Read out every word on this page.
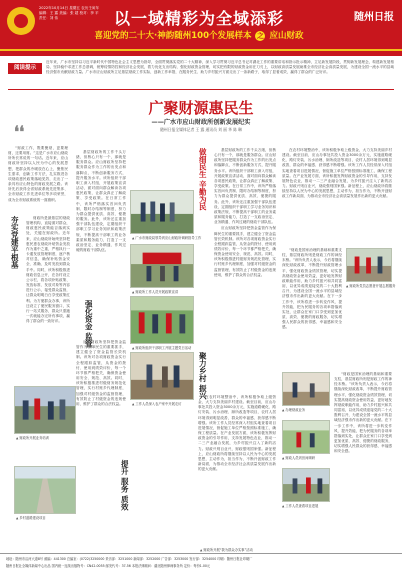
2022年10月14日 星期五 农历壬寅年 编辑：王 露 美编：张 超 校对：李 平 责任：刘 伟	以一域精彩为全域添彩
喜迎党的二十大·神韵随州100个发展样本 之 应山财政
随州日报
阅读提示
近年来，广水市坚持以习近平新时代中国特色社会主义思想为指导，全面贯彻落实党的二十大精神，深入学习贯彻习近平总书记对湖北工作的重要讲话和指示批示精神，立足新发展阶段，贯彻新发展理念，构建新发展格局，坚持稳中求进工作总基调，统筹疫情防控和经济社会发展，着力优化支出结构，强化财政资金管理，切实把有限的财政资金用在刀刃上，以财政高质量发展助推全市经济社会高质量发展，为建设全国一流水平的县域经济强市贡献财政力量。广水市应山财政所立足基层财政工作实际，创新工作举措，在服务民生、助力乡村振兴方面走出了一条新路子，取得了显著成效，赢得了群众的广泛好评。
广聚财源惠民生
——广水市应山财政所创新发展纪实
随州日报全媒体记者 王 露 通讯员 刘 丽 华 陈 琳
❛❛

“财政工作，既要聚财，更要理财，还要用财。”这是广水市应山财政所所长常说的一句话。近年来，应山财政所坚持以人民为中心的发展思想，把群众的冷暖放在心上，聚焦民生需求，创新工作方法，扎实推进各项财政惠民政策落地见效，走出了一条具有应山特色的财政发展之路。该所先后获得全省财政系统先进集体、全市财政工作先进单位等多项荣誉，成为全市财政系统的一面旗帜。

夯实党建平根基	财政所是最基层的财政管理机构，直接面对群众，财政惠民政策能否落到实处，关键在财政所。近年来，应山财政所始终坚持把惠民惠农财政补贴资金发放作为重中之重，严格执行一卡通发放管理制度，逐户核对信息，确保补贴资金安全、准确、及时发放到群众手中。同时，该所积极推进财政信息公开，在各村设立公示栏，将各项补贴政策、发放标准、发放对象等内容进行公示，接受群众监督，让群众明明白白享受政策红利。为方便群众办事，该所还设立了便民服务窗口，实行一站式服务，群众只需跑一次就能办完所有事项，赢得了群众的一致好评。

▲ 财政所开展业务培训
▲ 乡村道路建设项目

基层财政所的工作千头万绪，但核心只有一个，那就是服务群众。应山财政所坚持把服务群众作为工作的出发点和落脚点，不断创新服务方式，提升服务水平。该所组织干部职工深入村组，开展政策宣讲活动，面对面向群众解读各项惠民政策，让群众真正了解政策、享受政策。在日常工作中，该所严格落实首问负责制、限时办结制等制度，努力为群众提供优质、高效、便捷的服务。此外，该所还注重加强干部队伍建设，定期组织干部职工学习业务知识和政策法规，不断提高干部职工的业务素质和服务能力，打造了一支政治坚定、业务精通、作风过硬的财政干部队伍。

强化资金 监管

应山财政所坚持把资金监管作为保障民生的重要抓手，建立健全了资金监管长效机制。该所对各项财政资金实行全程跟踪监管，从资金的拨付、使用到绩效评价，每一个环节都严格把关，确保资金使用安全、规范、高效。同时，该所积极推进村级财务规范化管理，实行村账乡代理制度，加强对村级资金的监督管理，有效防止了村级资金的违规使用，维护了群众的合法权益。

▲ 广水市财政局领导到应山财政所调研指导工作
▲ 财政所工作人员开展政策宣讲
▲ 财政所组织干部职工开展主题党日活动
▲ 工作人员深入农户家中开展走访
做细民生 辛勤为民	基层财政所的工作千头万绪，但核心只有一个，那就是服务群众。应山财政所坚持把服务群众作为工作的出发点和落脚点，不断创新服务方式，提升服务水平。该所组织干部职工深入村组，开展政策宣讲活动，面对面向群众解读各项惠民政策，让群众真正了解政策、享受政策。在日常工作中，该所严格落实首问负责制、限时办结制等制度，努力为群众提供优质、高效、便捷的服务。此外，该所还注重加强干部队伍建设，定期组织干部职工学习业务知识和政策法规，不断提高干部职工的业务素质和服务能力，打造了一支政治坚定、业务精通、作风过硬的财政干部队伍。

应山财政所坚持把资金监管作为保障民生的重要抓手，建立健全了资金监管长效机制。该所对各项财政资金实行全程跟踪监管，从资金的拨付、使用到绩效评价，每一个环节都严格把关，确保资金使用安全、规范、高效。同时，该所积极推进村级财务规范化管理，实行村账乡代理制度，加强对村级资金的监督管理，有效防止了村级资金的违规使用，维护了群众的合法权益。

聚力乡村 振兴

在农村环境整治中，该所积极争取上级资金，大力支持美丽乡村建设。截至目前，应山办事处共投入资金3000余万元，实施道路硬化、路灯安装、污水治理、厕所改造等项目，农村人居环境得到明显改善，群众的幸福感、获得感不断增强。该所工作人员经常深入村组实地查看项目进展情况，督促施工单位严格按照标准施工，确保工程质量。在产业发展方面，该所积极发挥财政资金的引导作用，支持发展特色农业，推动一二三产业融合发展，为乡村振兴注入了新的活力。财政兴则百业兴，财政强则国家强。新征程上，应山财政所将继续坚持以人民为中心的发展思想，主动作为，担当作为，不断开创财政工作新局面，为推动全市经济社会高质量发展作出新的更大贡献。

提升 服务 质效

在农村环境整治中，该所积极争取上级资金，大力支持美丽乡村建设。截至目前，应山办事处共投入资金3000余万元，实施道路硬化、路灯安装、污水治理、厕所改造等项目，农村人居环境得到明显改善，群众的幸福感、获得感不断增强。该所工作人员经常深入村组实地查看项目进展情况，督促施工单位严格按照标准施工，确保工程质量。在产业发展方面，该所积极发挥财政资金的引导作用，支持发展特色农业，推动一二三产业融合发展，为乡村振兴注入了新的活力。财政兴则百业兴，财政强则国家强。新征程上，应山财政所将继续坚持以人民为中心的发展思想，主动作为，担当作为，不断开创财政工作新局面，为推动全市经济社会高质量发展作出新的更大贡献。

▲ 财政所党员志愿者开展志愿服务

“财政是国家治理的基础和重要支柱，基层财政所则是财政工作的神经末梢。”该所负责人表示，今后将继续深化财政改革，不断提升财政管理水平，强化财政资金绩效管理，切实提高财政资金使用效益，更好地发挥财政职能作用，助力乡村振兴和共同富裕，以优异成绩迎接党的二十大胜利召开，为建设全国一流水平的县域经济强市作出新的更大贡献。在下一步工作中，该所将进一步转变作风、提升效能，把为民服务的各项举措落到实处，让群众在家门口享受到更加优质、高效、便捷的财政服务，切实增强人民群众的获得感、幸福感和安全感。

▲ 办理财政业务
▲ 财政人员到田间调研

“财政是国家治理的基础和重要支柱，基层财政所则是财政工作的神经末梢。”该所负责人表示，今后将继续深化财政改革，不断提升财政管理水平，强化财政资金绩效管理，切实提高财政资金使用效益，更好地发挥财政职能作用，助力乡村振兴和共同富裕，以优异成绩迎接党的二十大胜利召开，为建设全国一流水平的县域经济强市作出新的更大贡献。在下一步工作中，该所将进一步转变作风、提升效能，把为民服务的各项举措落到实处，让群众在家门口享受到更加优质、高效、便捷的财政服务，切实增强人民群众的获得感、幸福感和安全感。

▲ 工作人员查看项目进展
▲ 财政所开展“我为群众办实事”活动
地址：随州市沿河大道8号 邮编：441300 总编室：(0722)3250000 采访部：3251000 新闻部：3252000 广告部：3253000 发行部：3254000 印刷：随州日报社印刷厂
随州日报社全媒体新闻中心出品 国内统一连续出版物号：CN42-0055 邮发代号：37-56 本报法律顾问：湖北随州律师事务所 定价：每份1.00元
